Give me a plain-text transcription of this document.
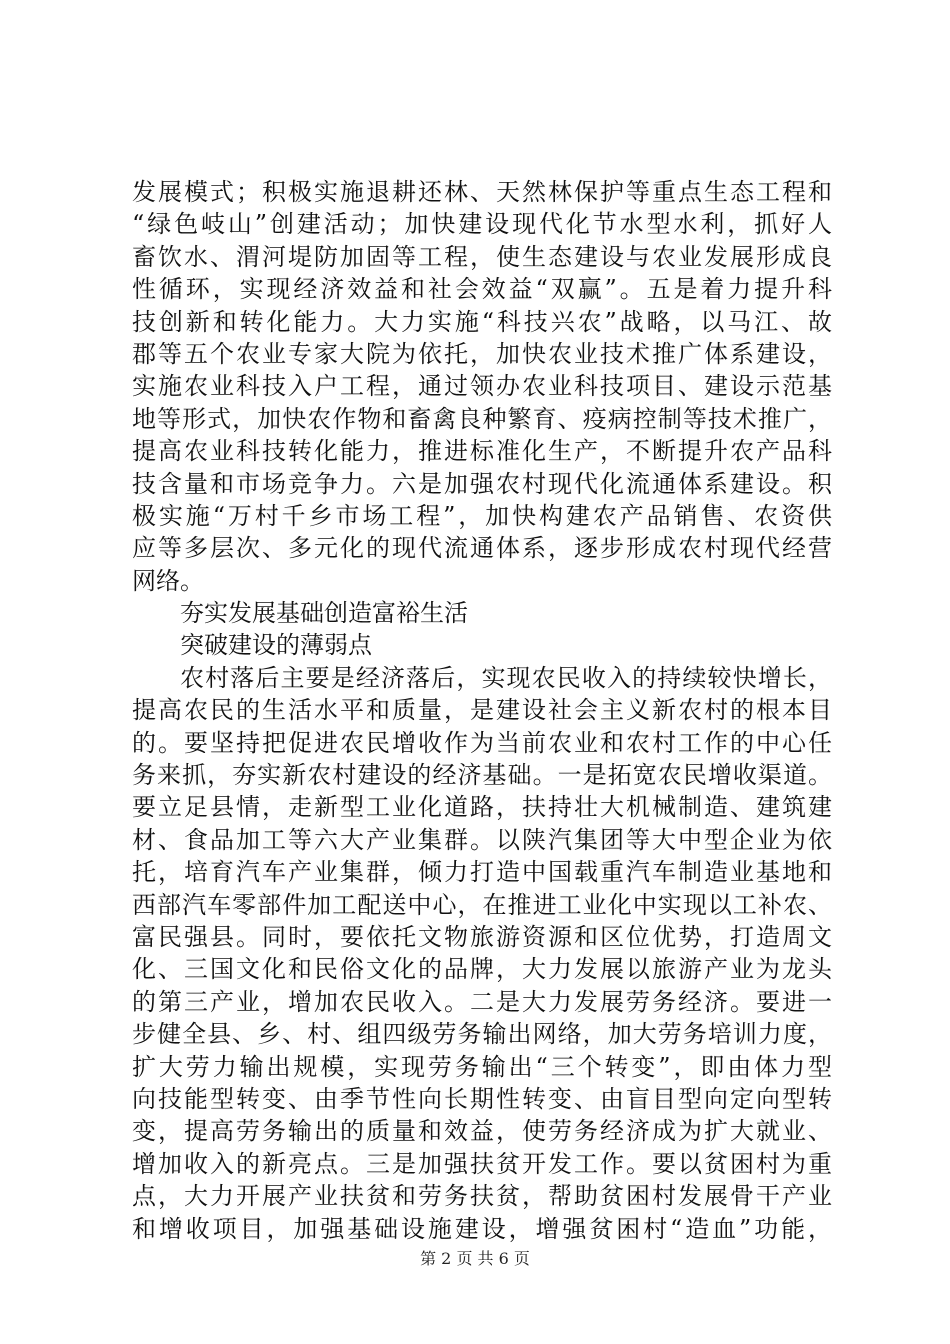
发展模式；积极实施退耕还林、天然林保护等重点生态工程和
“绿色岐山”创建活动；加快建设现代化节水型水利，抓好人
畜饮水、渭河堤防加固等工程，使生态建设与农业发展形成良
性循环，实现经济效益和社会效益“双赢”。五是着力提升科
技创新和转化能力。大力实施“科技兴农”战略，以马江、故
郡等五个农业专家大院为依托，加快农业技术推广体系建设，
实施农业科技入户工程，通过领办农业科技项目、建设示范基
地等形式，加快农作物和畜禽良种繁育、疫病控制等技术推广，
提高农业科技转化能力，推进标准化生产，不断提升农产品科
技含量和市场竞争力。六是加强农村现代化流通体系建设。积
极实施“万村千乡市场工程”，加快构建农产品销售、农资供
应等多层次、多元化的现代流通体系，逐步形成农村现代经营
网络。
夯实发展基础创造富裕生活
突破建设的薄弱点
农村落后主要是经济落后，实现农民收入的持续较快增长，
提高农民的生活水平和质量，是建设社会主义新农村的根本目
的。要坚持把促进农民增收作为当前农业和农村工作的中心任
务来抓，夯实新农村建设的经济基础。一是拓宽农民增收渠道。
要立足县情，走新型工业化道路，扶持壮大机械制造、建筑建
材、食品加工等六大产业集群。以陕汽集团等大中型企业为依
托，培育汽车产业集群，倾力打造中国载重汽车制造业基地和
西部汽车零部件加工配送中心，在推进工业化中实现以工补农、
富民强县。同时，要依托文物旅游资源和区位优势，打造周文
化、三国文化和民俗文化的品牌，大力发展以旅游产业为龙头
的第三产业，增加农民收入。二是大力发展劳务经济。要进一
步健全县、乡、村、组四级劳务输出网络，加大劳务培训力度，
扩大劳力输出规模，实现劳务输出“三个转变”，即由体力型
向技能型转变、由季节性向长期性转变、由盲目型向定向型转
变，提高劳务输出的质量和效益，使劳务经济成为扩大就业、
增加收入的新亮点。三是加强扶贫开发工作。要以贫困村为重
点，大力开展产业扶贫和劳务扶贫，帮助贫困村发展骨干产业
和增收项目，加强基础设施建设，增强贫困村“造血”功能，
第 2 页 共 6 页
